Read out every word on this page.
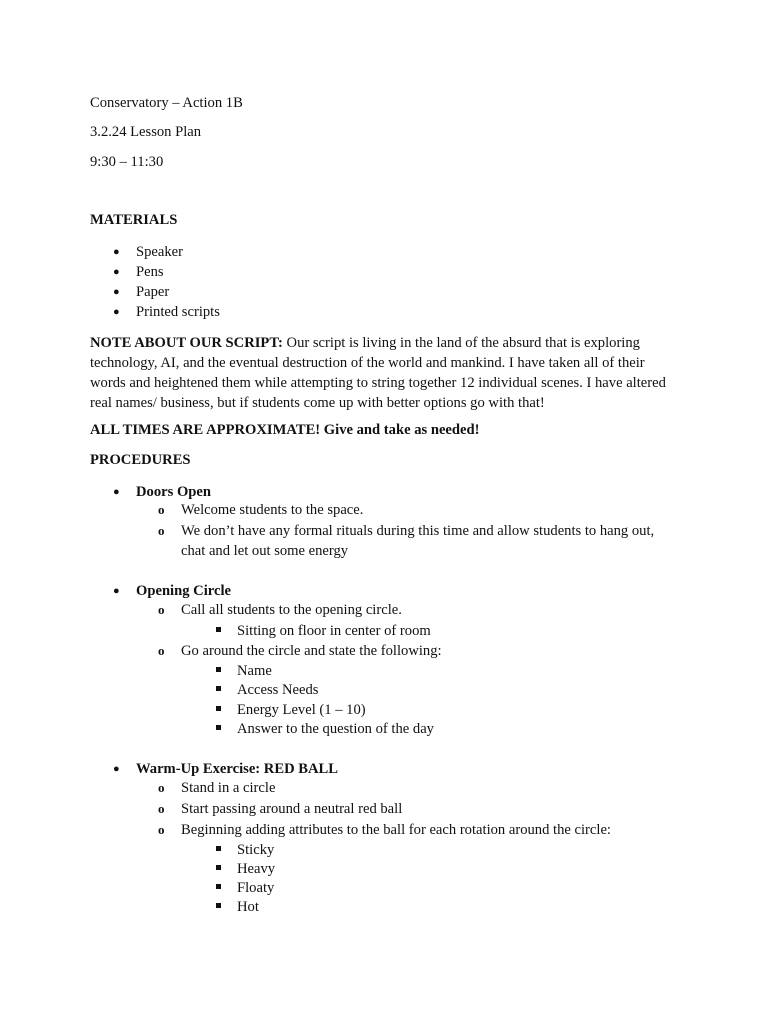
Conservatory – Action 1B
3.2.24 Lesson Plan
9:30 – 11:30
MATERIALS
● Speaker
● Pens
● Paper
● Printed scripts
NOTE ABOUT OUR SCRIPT: Our script is living in the land of the absurd that is exploring technology, AI, and the eventual destruction of the world and mankind. I have taken all of their words and heightened them while attempting to string together 12 individual scenes. I have altered real names/ business, but if students come up with better options go with that!
ALL TIMES ARE APPROXIMATE! Give and take as needed!
PROCEDURES
● Doors Open
o Welcome students to the space.
o We don’t have any formal rituals during this time and allow students to hang out,
chat and let out some energy
● Opening Circle
o Call all students to the opening circle.
Sitting on floor in center of room
o Go around the circle and state the following:
Name
Access Needs
Energy Level (1 – 10)
Answer to the question of the day
● Warm-Up Exercise: RED BALL
o Stand in a circle
o Start passing around a neutral red ball
o Beginning adding attributes to the ball for each rotation around the circle:
Sticky
Heavy
Floaty
Hot
